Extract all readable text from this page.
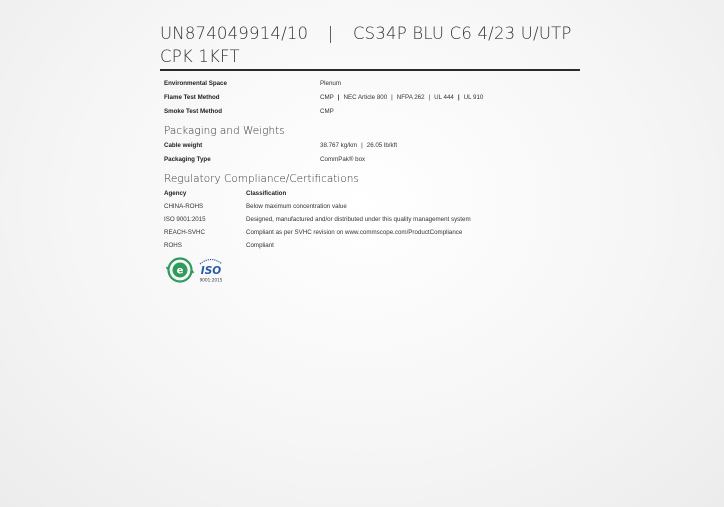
UN874049914/10 | CS34P BLU C6 4/23 U/UTP
CPK 1KFT
Environmental Space	Plenum
Flame Test Method	CMP | NEC Article 800 | NFPA 262 | UL 444 | UL 910
Smoke Test Method	CMP
Packaging and Weights
Cable weight	38.767 kg/km | 26.05 lb/kft
Packaging Type	CommPak® box
Regulatory Compliance/Certifications
Agency	Classification
CHINA-ROHS	Below maximum concentration value
ISO 9001:2015	Designed, manufactured and/or distributed under this quality management system
REACH-SVHC	Compliant as per SVHC revision on www.commscope.com/ProductCompliance
ROHS	Compliant
e ISO
9001:2015
